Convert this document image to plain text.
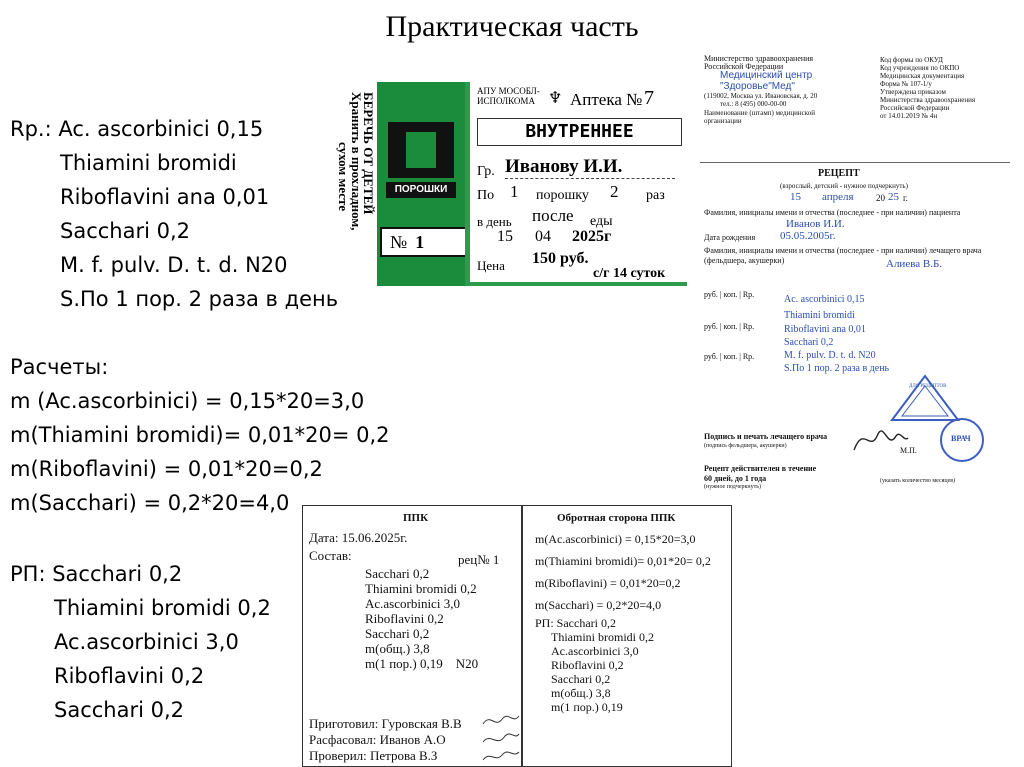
Практическая часть
Rp.: Ac. ascorbinici 0,15
Thiamini bromidi
Riboflavini ana 0,01
Sacchari 0,2
M. f. pulv. D. t. d. N20
S.По 1 пор. 2 раза в день
Расчеты:
m (Ac.ascorbinici) = 0,15*20=3,0
m(Thiamini bromidi)= 0,01*20= 0,2
m(Riboflavini) = 0,01*20=0,2
m(Sacchari) = 0,2*20=4,0
РП: Sacchari 0,2
Thiamini bromidi 0,2
Ac.ascorbinici 3,0
Riboflavini 0,2
Sacchari 0,2
БЕРЕЧЬ ОТ ДЕТЕЙ
Хранить в прохладном,
сухом месте	ПОРОШКИ
№ 1
АПУ МОСОБЛ-
ИСПОЛКОМА ♆ Аптека № 7
ВНУТРЕННЕЕ
Гр. Иванову И.И.
По 1 порошку 2 раз
в день после еды
15 04 2025г
Цена 150 руб.
с/г 14 суток
Министерство здравоохранения
Российской Федерации
Медицинский центр
"Здоровье"Мед"
(119002, Москва ул. Ивановская, д. 20
тел.: 8 (495) 000-00-00
Наименование (штамп) медицинской организации
Код формы по ОКУД
Код учреждения по ОКПО
Медицинская документация
Форма № 107-1/у
Утверждена приказом
Министерства здравоохранения
Российской Федерации
от 14.01.2019 № 4н
РЕЦЕПТ
(взрослый, детский - нужное подчеркнуть)
15 апреля 20 25 г.
Фамилия, инициалы имени и отчества (последнее - при наличии) пациента
Иванов И.И.
Дата рождения 05.05.2005г.
Фамилия, инициалы имени и отчества (последнее - при наличии) лечащего врача (фельдшера, акушерки)	Алиева В.Б.
руб. | коп. | Rp.
руб. | коп. | Rp.
руб. | коп. | Rp.
Ac. ascorbinici 0,15
Thiamini bromidi
Riboflavini ana 0,01
Sacchari 0,2
M. f. pulv. D. t. d. N20
S.По 1 пор. 2 раза в день
ДЛЯ РЕЦЕПТОВ
Подпись и печать лечащего врача
(подпись фельдшера, акушерки)	М.П.
ВРАЧ
Рецепт действителен в течение
60 дней, до 1 года
(нужное подчеркнуть)
(указать количество месяцев)
ППК
Дата: 15.06.2025г.
Состав:	рец№ 1
Sacchari 0,2
Thiamini bromidi 0,2
Ac.ascorbinici 3,0
Riboflavini 0,2
Sacchari 0,2
m(общ.) 3,8
m(1 пор.) 0,19    N20
Приготовил: Гуровская В.В
Расфасовал: Иванов А.О
Проверил: Петрова В.З
Обротная сторона ППК
m(Ac.ascorbinici) = 0,15*20=3,0
m(Thiamini bromidi)= 0,01*20= 0,2
m(Riboflavini) = 0,01*20=0,2
m(Sacchari) = 0,2*20=4,0
РП: Sacchari 0,2
Thiamini bromidi 0,2
Ac.ascorbinici 3,0
Riboflavini 0,2
Sacchari 0,2
m(общ.) 3,8
m(1 пор.) 0,19
